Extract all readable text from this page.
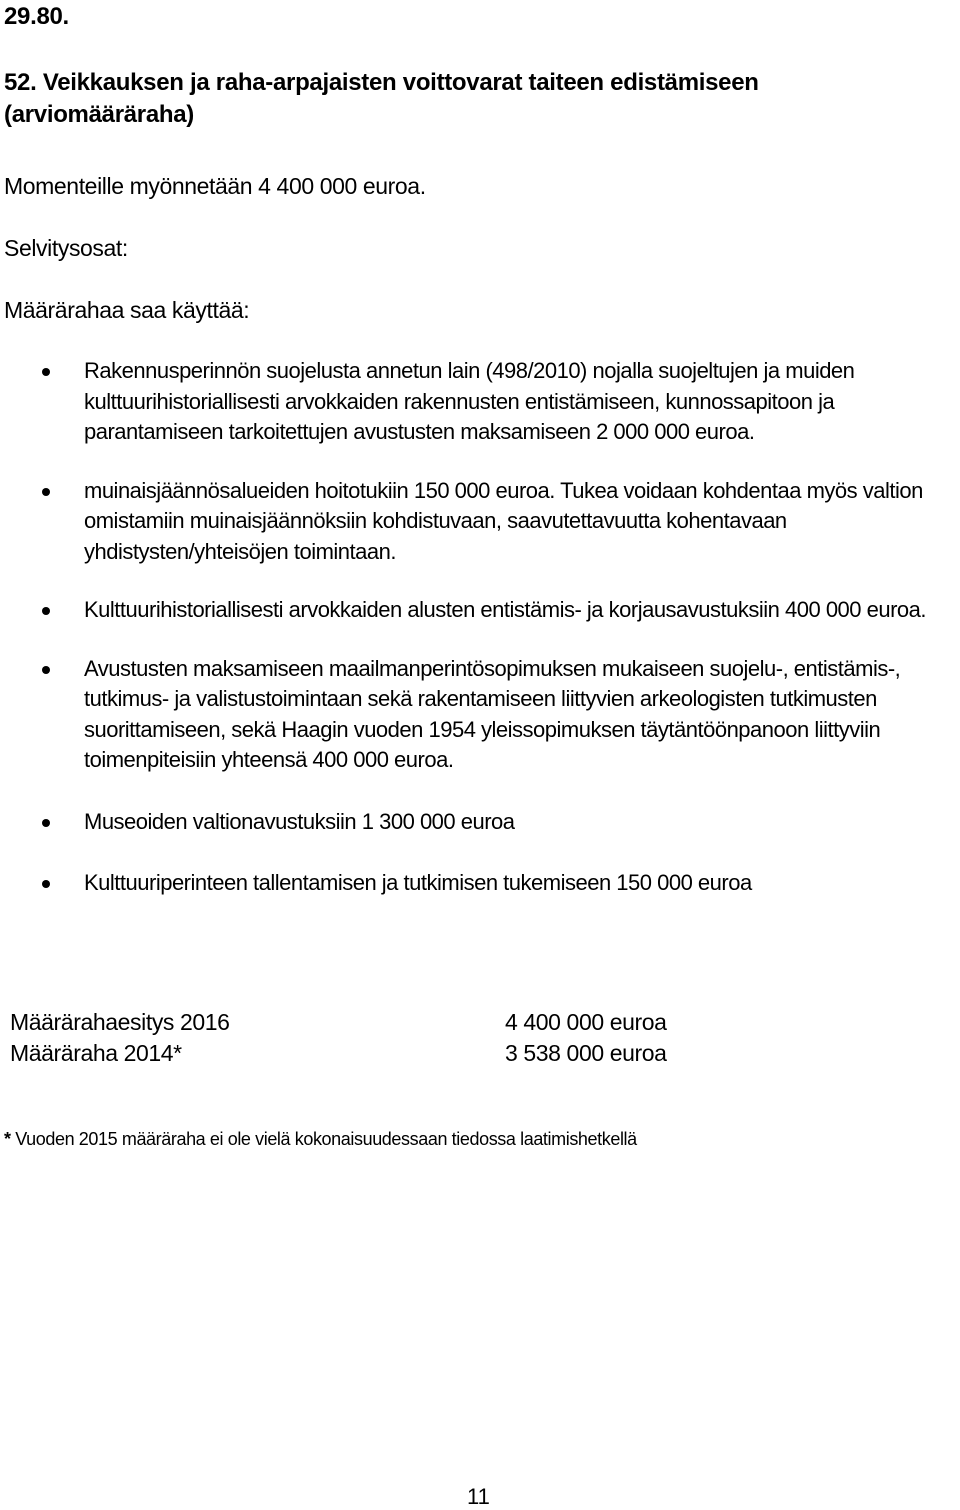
29.80.
52. Veikkauksen ja raha-arpajaisten voittovarat taiteen edistämiseen (arviomääräraha)
Momenteille myönnetään 4 400 000 euroa.
Selvitysosat:
Määrärahaa saa käyttää:
Rakennusperinnön suojelusta annetun lain (498/2010) nojalla suojeltujen ja muiden kulttuurihistoriallisesti arvokkaiden rakennusten entistämiseen, kunnossapitoon ja parantamiseen tarkoitettujen avustusten maksamiseen 2 000 000 euroa.
muinaisjäännösalueiden hoitotukiin 150 000 euroa. Tukea voidaan kohdentaa myös valtion omistamiin muinaisjäännöksiin kohdistuvaan, saavutettavuutta kohentavaan yhdistysten/yhteisöjen toimintaan.
Kulttuurihistoriallisesti arvokkaiden alusten entistämis- ja korjausavustuksiin 400 000 euroa.
Avustusten maksamiseen maailmanperintösopimuksen mukaiseen suojelu-, entistämis-, tutkimus- ja valistustoimintaan sekä rakentamiseen liittyvien arkeologisten tutkimusten suorittamiseen, sekä Haagin vuoden 1954 yleissopimuksen täytäntöönpanoon liittyviin toimenpiteisiin yhteensä 400 000 euroa.
Museoiden valtionavustuksiin 1 300 000 euroa
Kulttuuriperinteen tallentamisen ja tutkimisen tukemiseen 150 000 euroa
Määrärahaesitys 2016	4 400 000 euroa
Määräraha 2014*	3 538 000 euroa
* Vuoden 2015 määräraha ei ole vielä kokonaisuudessaan tiedossa laatimishetkellä
11
